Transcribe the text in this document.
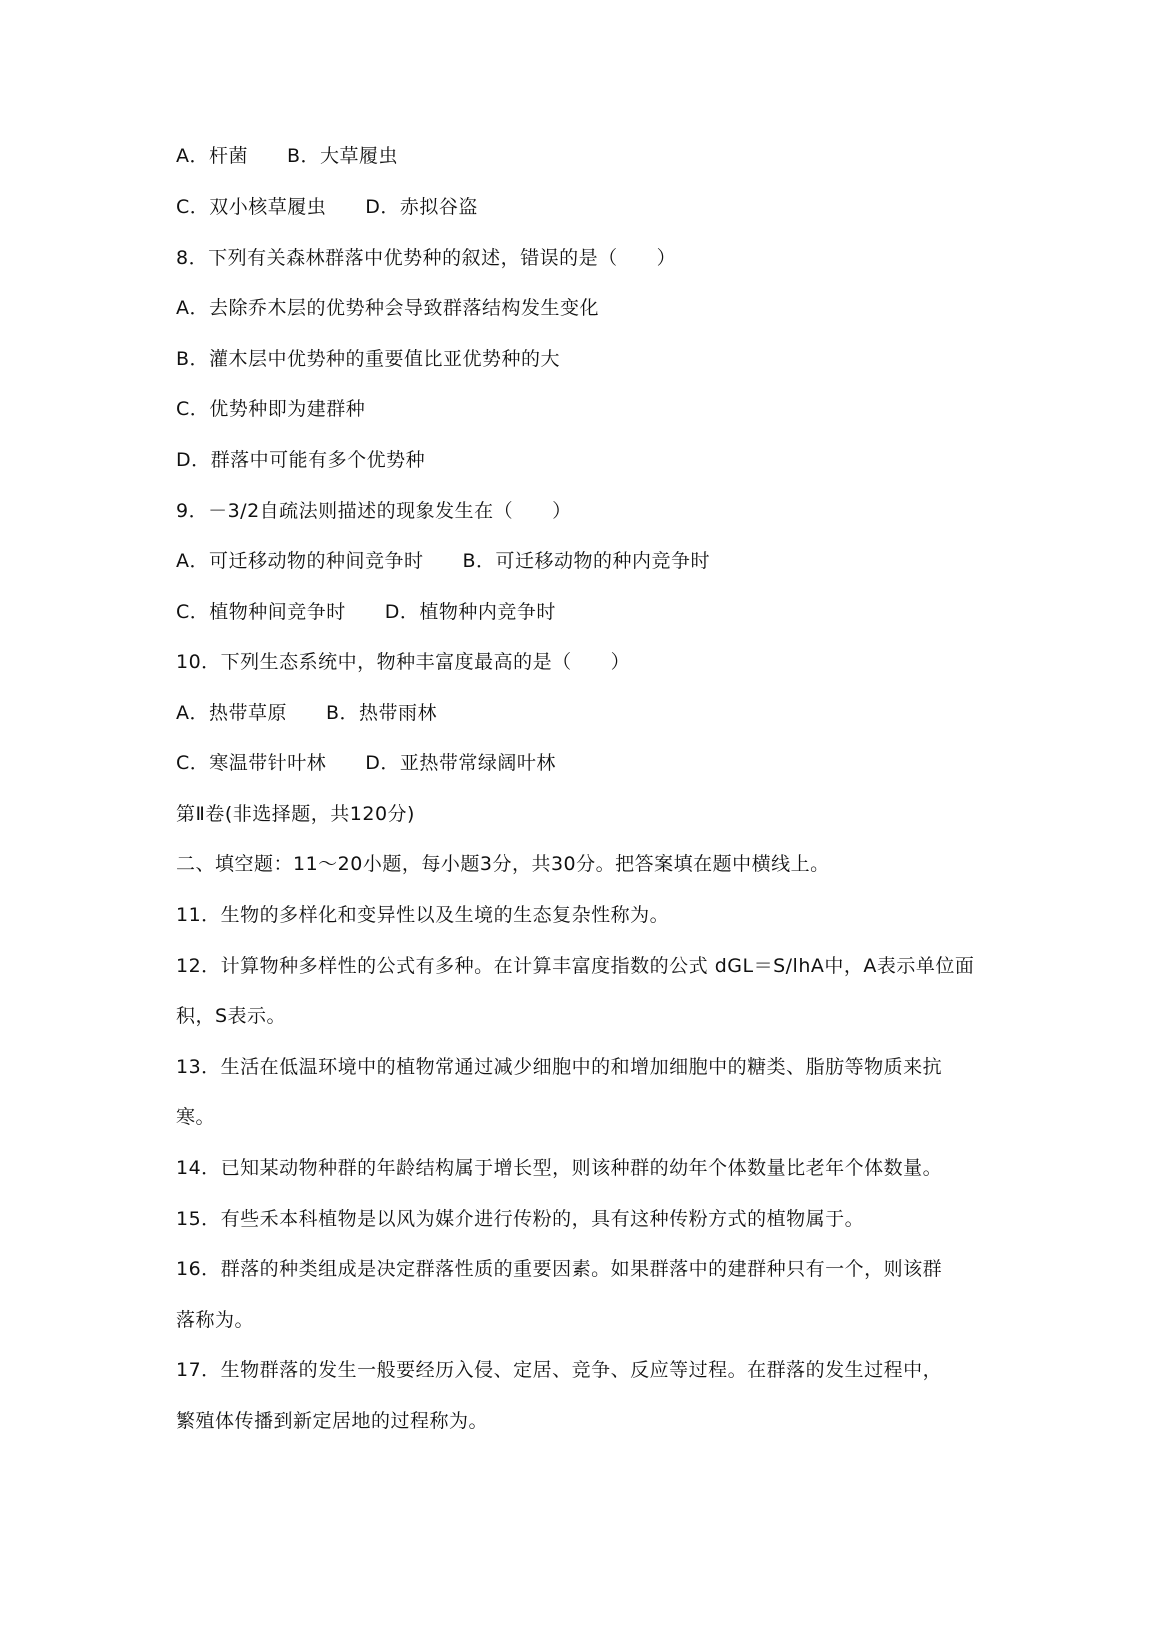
A．杆菌　　B．大草履虫
C．双小核草履虫　　D．赤拟谷盗
8．下列有关森林群落中优势种的叙述，错误的是（　　）
A．去除乔木层的优势种会导致群落结构发生变化
B．灌木层中优势种的重要值比亚优势种的大
C．优势种即为建群种
D．群落中可能有多个优势种
9．－3/2自疏法则描述的现象发生在（　　）
A．可迁移动物的种间竞争时　　B．可迁移动物的种内竞争时
C．植物种间竞争时　　D．植物种内竞争时
10．下列生态系统中，物种丰富度最高的是（　　）
A．热带草原　　B．热带雨林
C．寒温带针叶林　　D．亚热带常绿阔叶林
第Ⅱ卷(非选择题，共120分)
二、填空题：11～20小题，每小题3分，共30分。把答案填在题中横线上。
11．生物的多样化和变异性以及生境的生态复杂性称为。
12．计算物种多样性的公式有多种。在计算丰富度指数的公式 dGL＝S/lhA中，A表示单位面
积，S表示。
13．生活在低温环境中的植物常通过减少细胞中的和增加细胞中的糖类、脂肪等物质来抗
寒。
14．已知某动物种群的年龄结构属于增长型，则该种群的幼年个体数量比老年个体数量。
15．有些禾本科植物是以风为媒介进行传粉的，具有这种传粉方式的植物属于。
16．群落的种类组成是决定群落性质的重要因素。如果群落中的建群种只有一个，则该群
落称为。
17．生物群落的发生一般要经历入侵、定居、竞争、反应等过程。在群落的发生过程中，
繁殖体传播到新定居地的过程称为。
